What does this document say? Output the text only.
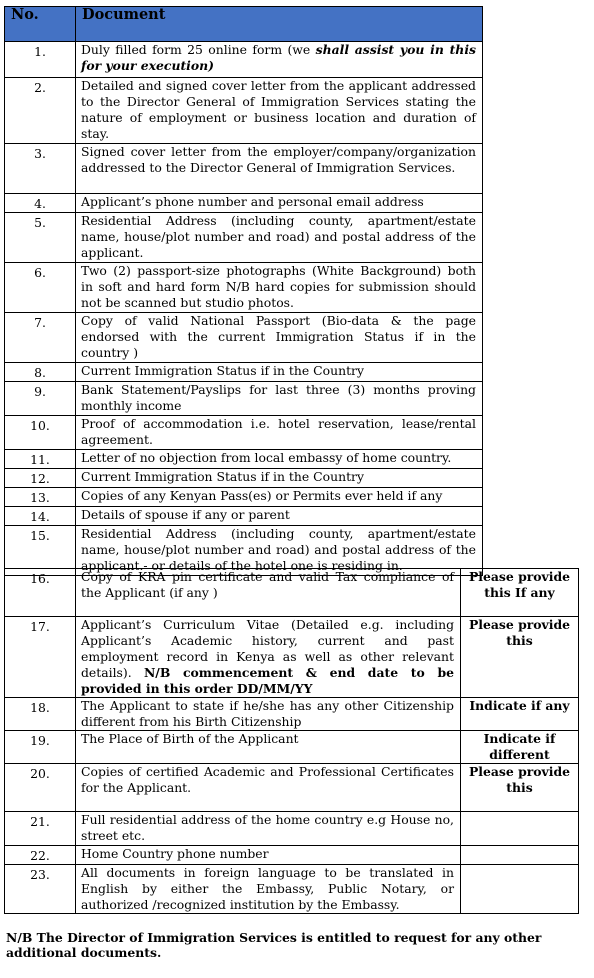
No.	Document
1.	Duly filled form 25 online form (we shall assist you in this for your execution)
2.	Detailed and signed cover letter from the applicant addressed to the Director General of Immigration Services stating the nature of employment or business location and duration of stay.
3.	Signed cover letter from the employer/company/organization addressed to the Director General of Immigration Services.
4.	Applicant’s phone number and personal email address
5.	Residential Address (including county, apartment/estate name, house/plot number and road) and postal address of the applicant.
6.	Two (2) passport-size photographs (White Background) both in soft and hard form N/B hard copies for submission should not be scanned but studio photos.
7.	Copy of valid National Passport (Bio-data & the page endorsed with the current Immigration Status if in the country )
8.	Current Immigration Status if in the Country
9.	Bank Statement/Payslips for last three (3) months proving monthly income
10.	Proof of accommodation i.e. hotel reservation, lease/rental agreement.
11.	Letter of no objection from local embassy of home country.
12.	Current Immigration Status if in the Country
13.	Copies of any Kenyan Pass(es) or Permits ever held if any
14.	Details of spouse if any or parent
15.	Residential Address (including county, apartment/estate name, house/plot number and road) and postal address of the applicant.- or details of the hotel one is residing in.
16.	Copy of KRA pin certificate and valid Tax compliance of the Applicant (if any )	Please provide this If any
17.	Applicant’s Curriculum Vitae (Detailed e.g. including Applicant’s Academic history, current and past employment record in Kenya as well as other relevant details). N/B commencement & end date to be provided in this order DD/MM/YY	Please provide this
18.	The Applicant to state if he/she has any other Citizenship different from his Birth Citizenship	Indicate if any
19.	The Place of Birth of the Applicant	Indicate if different
20.	Copies of certified Academic and Professional Certificates for the Applicant.	Please provide this
21.	Full residential address of the home country e.g House no, street etc.	
22.	Home Country phone number	
23.	All documents in foreign language to be translated in English by either the Embassy, Public Notary, or authorized /recognized institution by the Embassy.	
N/B The Director of Immigration Services is entitled to request for any other additional documents.
